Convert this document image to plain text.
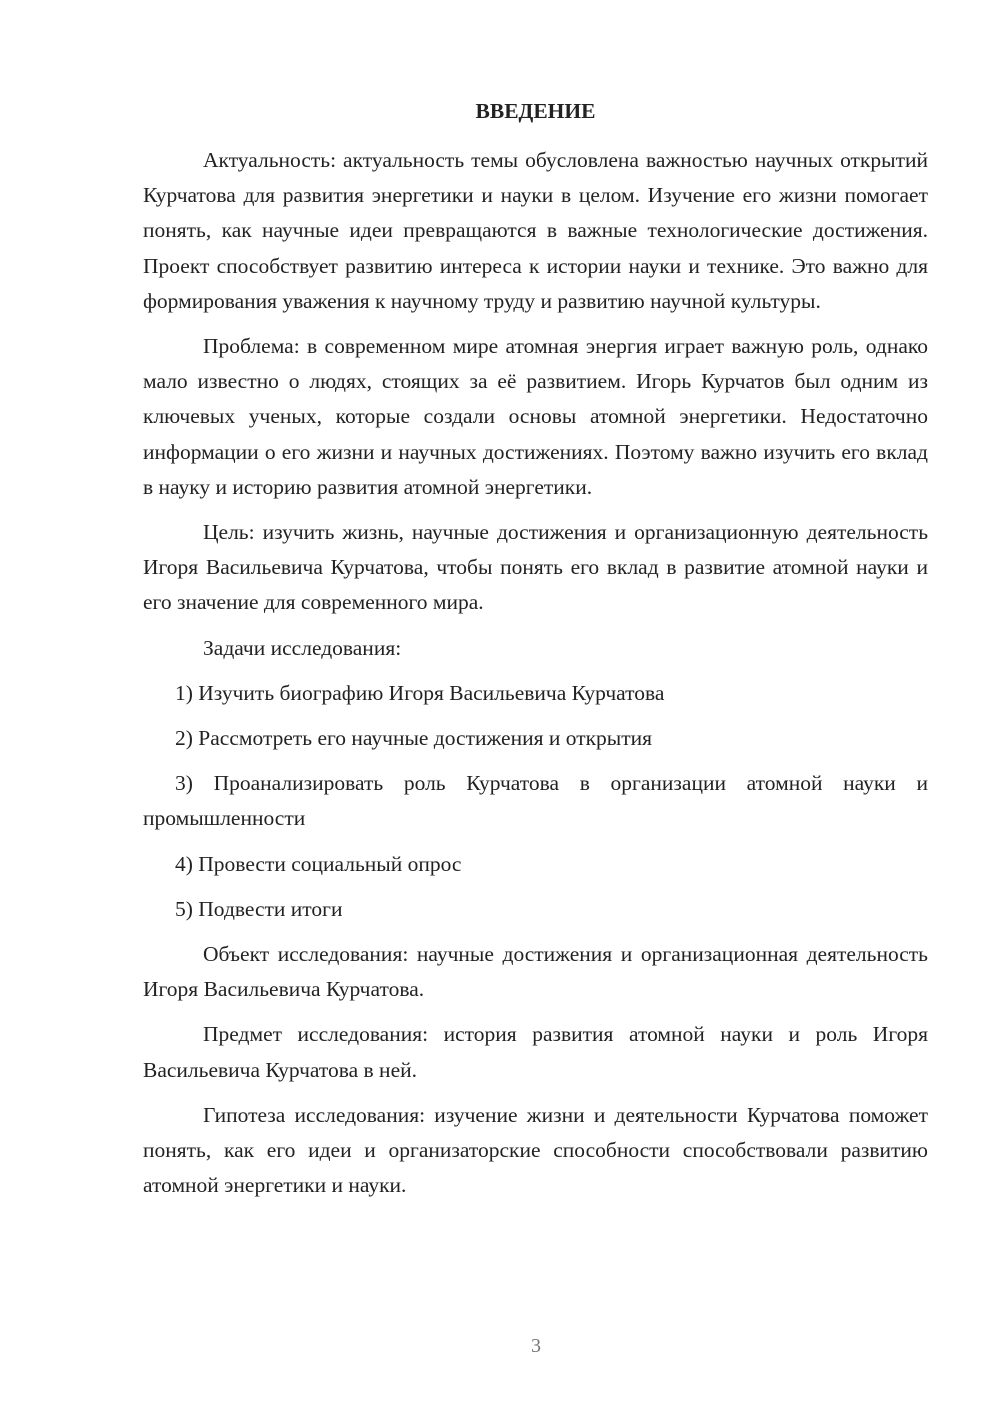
ВВЕДЕНИЕ

Актуальность: актуальность темы обусловлена важностью научных открытий Курчатова для развития энергетики и науки в целом. Изучение его жизни помогает понять, как научные идеи превращаются в важные технологические достижения. Проект способствует развитию интереса к истории науки и технике. Это важно для формирования уважения к научному труду и развитию научной культуры.

Проблема: в современном мире атомная энергия играет важную роль, однако мало известно о людях, стоящих за её развитием. Игорь Курчатов был одним из ключевых ученых, которые создали основы атомной энергетики. Недостаточно информации о его жизни и научных достижениях. Поэтому важно изучить его вклад в науку и историю развития атомной энергетики.

Цель: изучить жизнь, научные достижения и организационную деятельность Игоря Васильевича Курчатова, чтобы понять его вклад в развитие атомной науки и его значение для современного мира.

Задачи исследования:

1) Изучить биографию Игоря Васильевича Курчатова

2) Рассмотреть его научные достижения и открытия

3) Проанализировать роль Курчатова в организации атомной науки и промышленности

4) Провести социальный опрос

5) Подвести итоги

Объект исследования: научные достижения и организационная деятельность Игоря Васильевича Курчатова.

Предмет исследования: история развития атомной науки и роль Игоря Васильевича Курчатова в ней.

Гипотеза исследования: изучение жизни и деятельности Курчатова поможет понять, как его идеи и организаторские способности способствовали развитию атомной энергетики и науки.

3
